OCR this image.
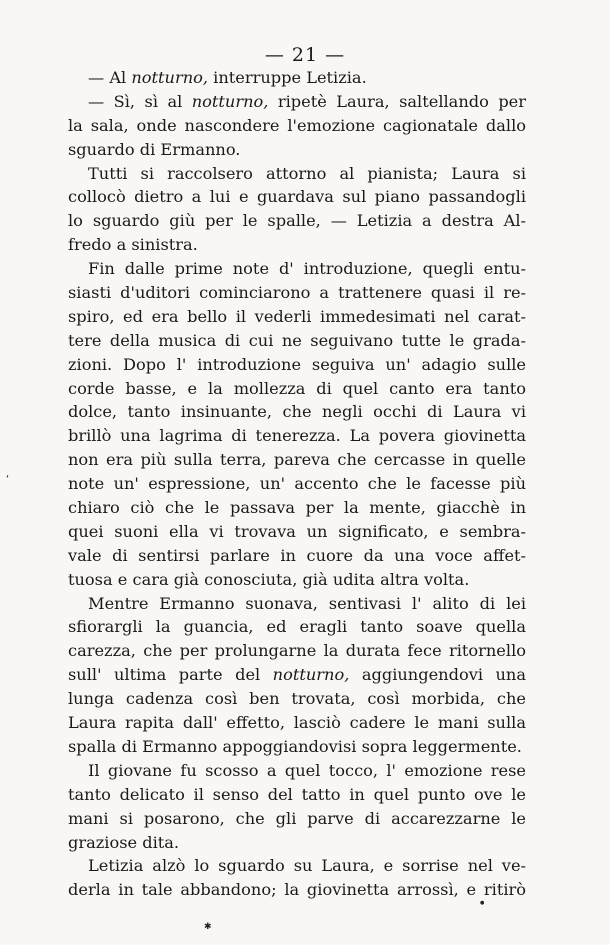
— 21 —
— Al notturno, interruppe Letizia.
— Sì, sì al notturno, ripetè Laura, saltellando per
la sala, onde nascondere l'emozione cagionatale dallo
sguardo di Ermanno.
Tutti si raccolsero attorno al pianista; Laura si
collocò dietro a lui e guardava sul piano passandogli
lo sguardo giù per le spalle, — Letizia a destra Al-
fredo a sinistra.
Fin dalle prime note d' introduzione, quegli entu-
siasti d'uditori cominciarono a trattenere quasi il re-
spiro, ed era bello il vederli immedesimati nel carat-
tere della musica di cui ne seguivano tutte le grada-
zioni. Dopo l' introduzione seguiva un' adagio sulle
corde basse, e la mollezza di quel canto era tanto
dolce, tanto insinuante, che negli occhi di Laura vi
brillò una lagrima di tenerezza. La povera giovinetta
non era più sulla terra, pareva che cercasse in quelle
note un' espressione, un' accento che le facesse più
chiaro ciò che le passava per la mente, giacchè in
quei suoni ella vi trovava un significato, e sembra-
vale di sentirsi parlare in cuore da una voce affet-
tuosa e cara già conosciuta, già udita altra volta.
Mentre Ermanno suonava, sentivasi l' alito di lei
sfiorargli la guancia, ed eragli tanto soave quella
carezza, che per prolungarne la durata fece ritornello
sull' ultima parte del notturno, aggiungendovi una
lunga cadenza così ben trovata, così morbida, che
Laura rapita dall' effetto, lasciò cadere le mani sulla
spalla di Ermanno appoggiandovisi sopra leggermente.
Il giovane fu scosso a quel tocco, l' emozione rese
tanto delicato il senso del tatto in quel punto ove le
mani si posarono, che gli parve di accarezzarne le
graziose dita.
Letizia alzò lo sguardo su Laura, e sorrise nel ve-
derla in tale abbandono; la giovinetta arrossì, e ritirò
‘
✱
●
